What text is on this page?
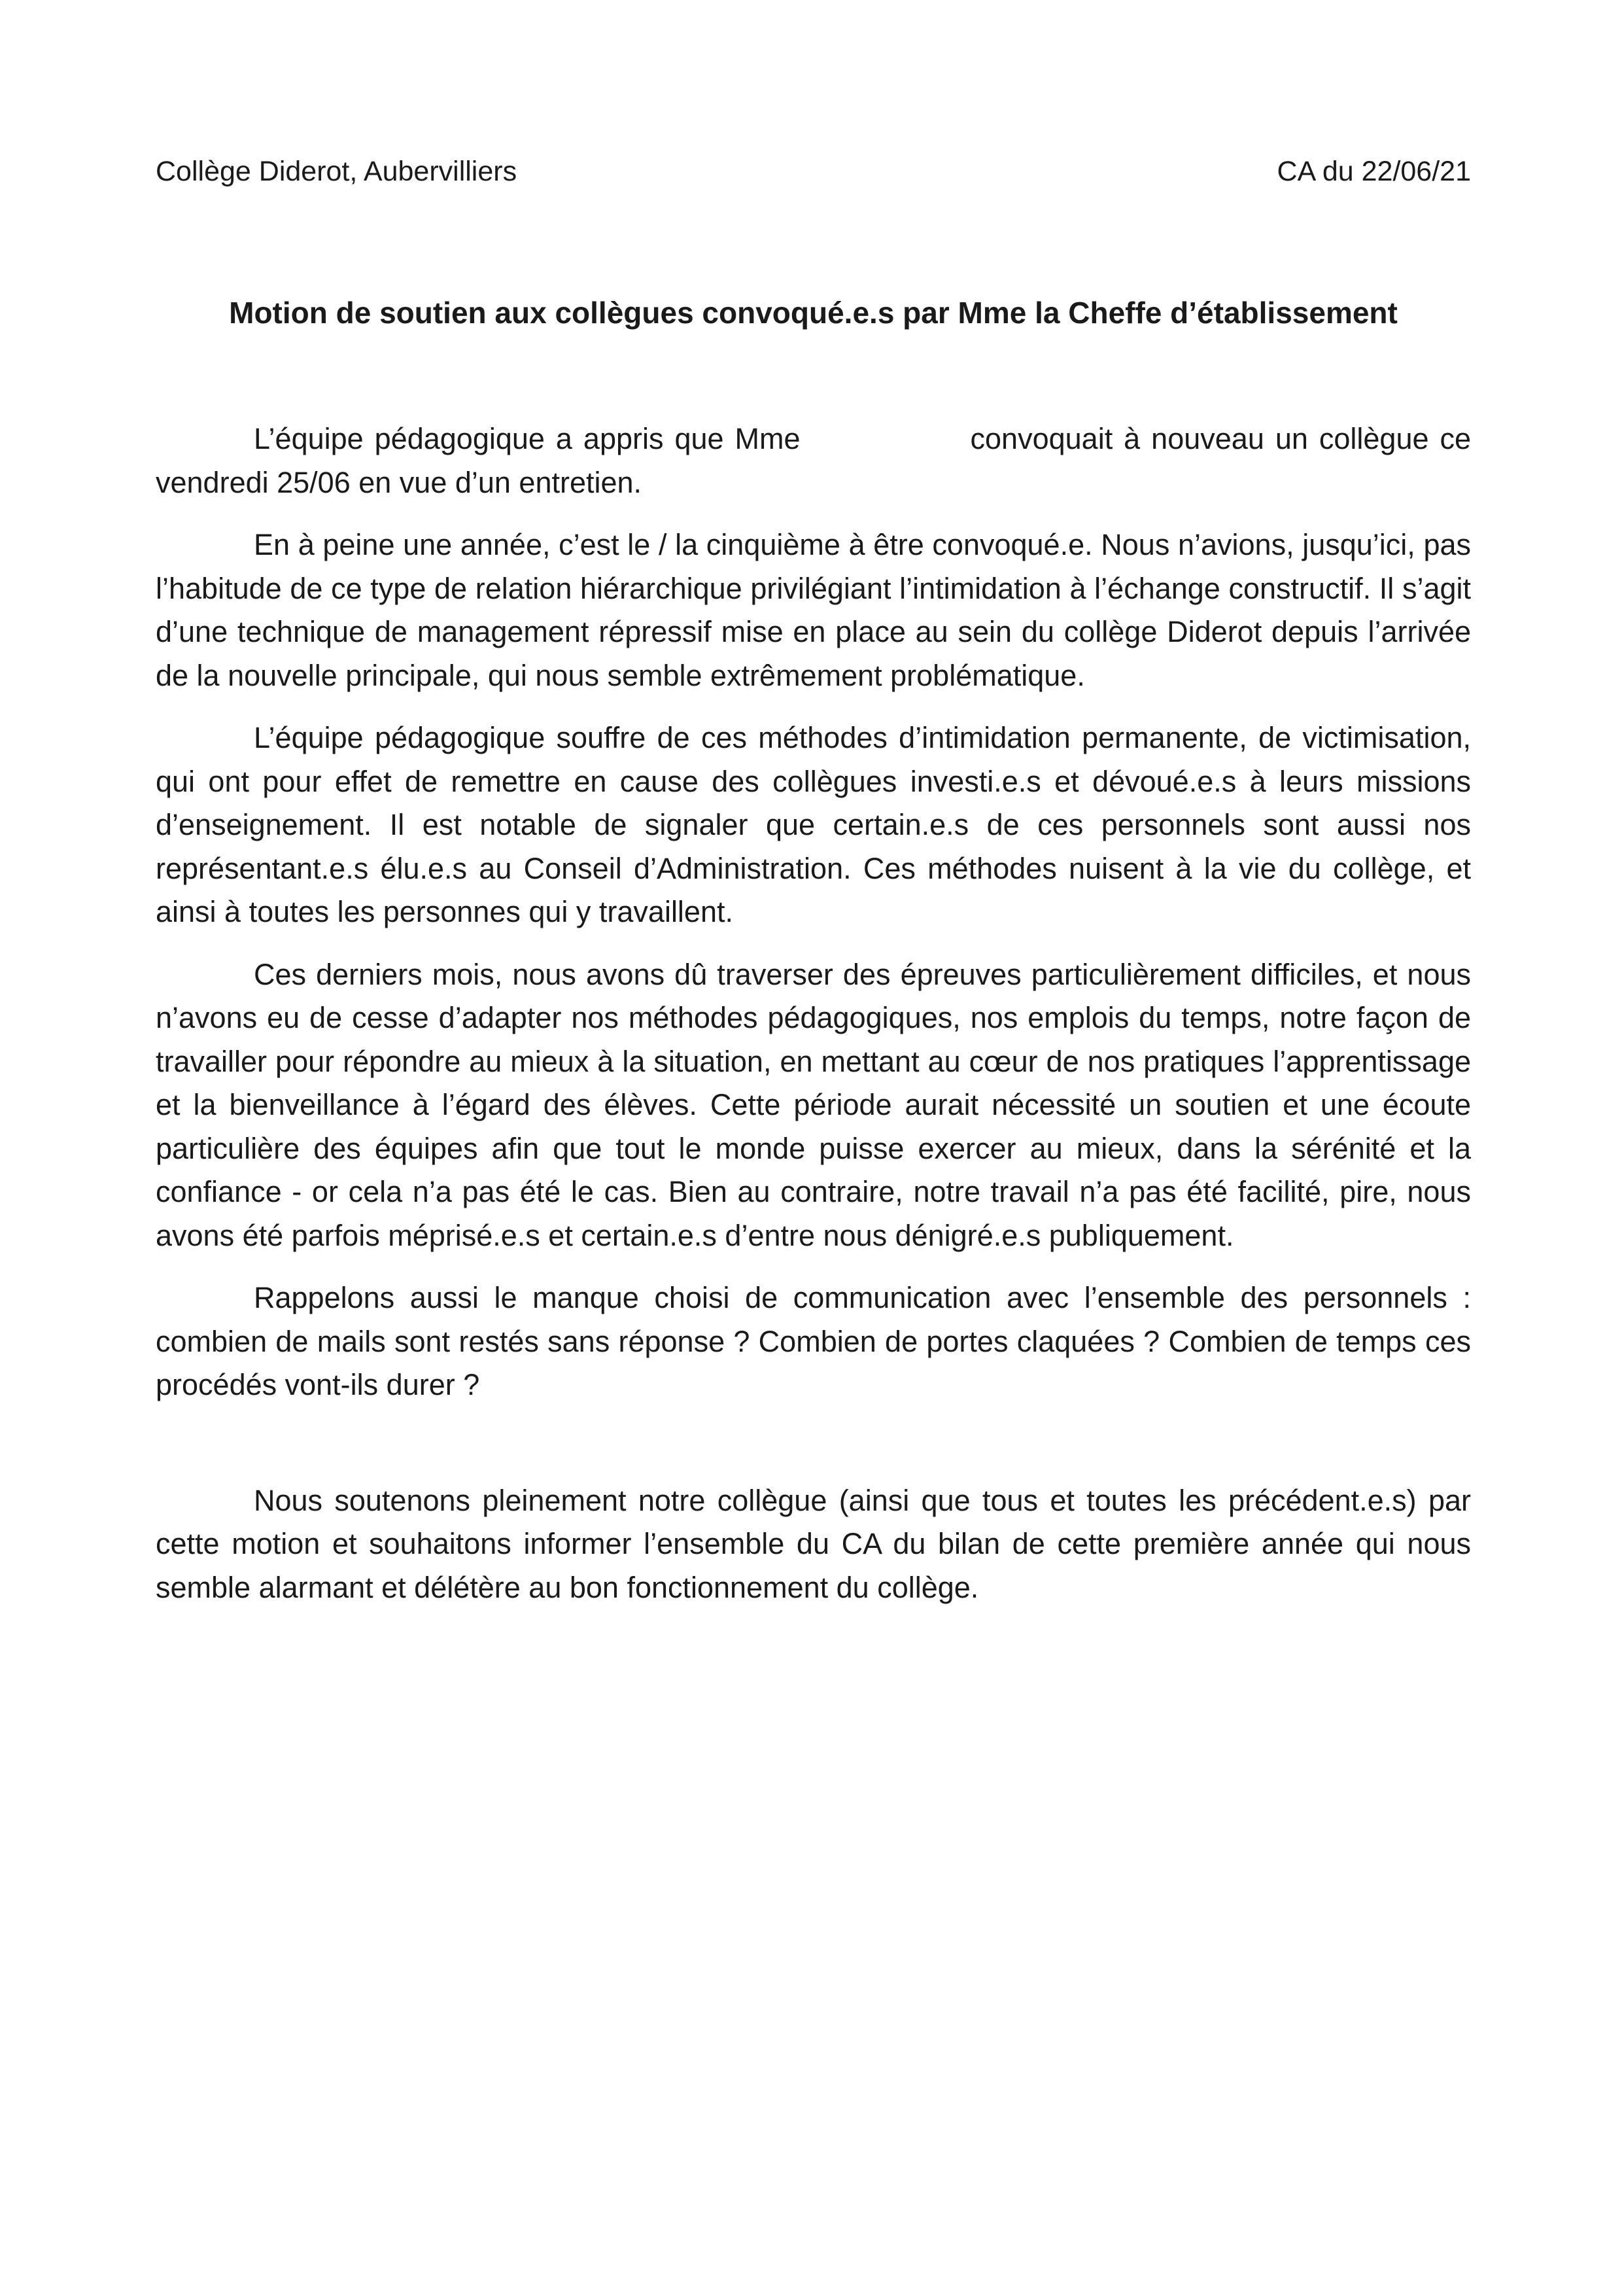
Collège Diderot, Aubervilliers	CA du 22/06/21
Motion de soutien aux collègues convoqué.e.s par Mme la Cheffe d’établissement

L’équipe pédagogique a appris que Mme	convoquait à nouveau un collègue ce vendredi 25/06 en vue d’un entretien.

En à peine une année, c’est le / la cinquième à être convoqué.e. Nous n’avions, jusqu’ici, pas l’habitude de ce type de relation hiérarchique privilégiant l’intimidation à l’échange constructif. Il s’agit d’une technique de management répressif mise en place au sein du collège Diderot depuis l’arrivée de la nouvelle principale, qui nous semble extrêmement problématique.

L’équipe pédagogique souffre de ces méthodes d’intimidation permanente, de victimisation, qui ont pour effet de remettre en cause des collègues investi.e.s et dévoué.e.s à leurs missions d’enseignement. Il est notable de signaler que certain.e.s de ces personnels sont aussi nos représentant.e.s élu.e.s au Conseil d’Administration. Ces méthodes nuisent à la vie du collège, et ainsi à toutes les personnes qui y travaillent.

Ces derniers mois, nous avons dû traverser des épreuves particulièrement difficiles, et nous n’avons eu de cesse d’adapter nos méthodes pédagogiques, nos emplois du temps, notre façon de travailler pour répondre au mieux à la situation, en mettant au cœur de nos pratiques l’apprentissage et la bienveillance à l’égard des élèves. Cette période aurait nécessité un soutien et une écoute particulière des équipes afin que tout le monde puisse exercer au mieux, dans la sérénité et la confiance - or cela n’a pas été le cas. Bien au contraire, notre travail n’a pas été facilité, pire, nous avons été parfois méprisé.e.s et certain.e.s d’entre nous dénigré.e.s publiquement.

Rappelons aussi le manque choisi de communication avec l’ensemble des personnels : combien de mails sont restés sans réponse ? Combien de portes claquées ? Combien de temps ces procédés vont-ils durer ?

Nous soutenons pleinement notre collègue (ainsi que tous et toutes les précédent.e.s) par cette motion et souhaitons informer l’ensemble du CA du bilan de cette première année qui nous semble alarmant et délétère au bon fonctionnement du collège.
